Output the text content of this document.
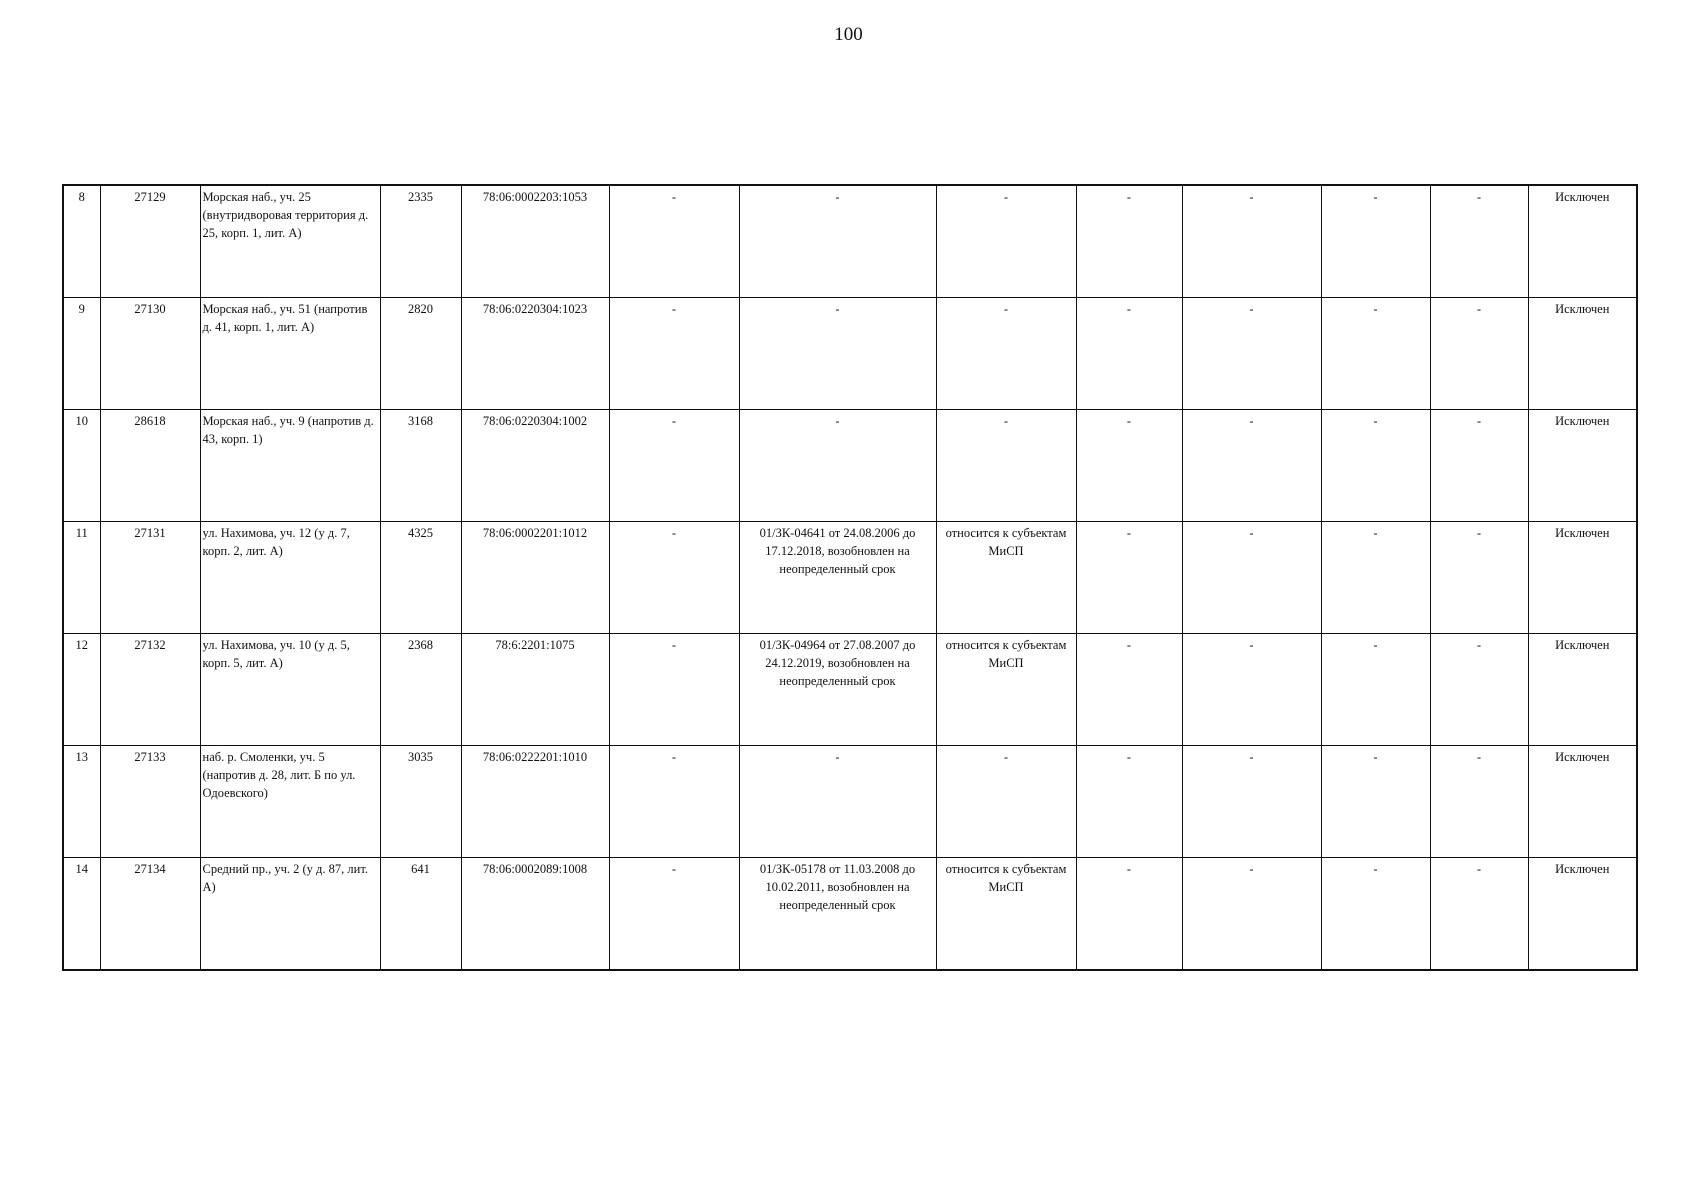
100
8	27129	Морская наб., уч. 25 (внутридворовая территория д. 25, корп. 1, лит. А)	2335	78:06:0002203:1053	-	-	-	-	-	-	-	Исключен
9	27130	Морская наб., уч. 51 (напротив д. 41, корп. 1, лит. А)	2820	78:06:0220304:1023	-	-	-	-	-	-	-	Исключен
10	28618	Морская наб., уч. 9 (напротив д. 43, корп. 1)	3168	78:06:0220304:1002	-	-	-	-	-	-	-	Исключен
11	27131	ул. Нахимова, уч. 12 (у д. 7, корп. 2, лит. А)	4325	78:06:0002201:1012	-	01/ЗК-04641 от 24.08.2006 до 17.12.2018, возобновлен на неопределенный срок	относится к субъектам МиСП	-	-	-	-	Исключен
12	27132	ул. Нахимова, уч. 10 (у д. 5, корп. 5, лит. А)	2368	78:6:2201:1075	-	01/ЗК-04964 от 27.08.2007 до 24.12.2019, возобновлен на неопределенный срок	относится к субъектам МиСП	-	-	-	-	Исключен
13	27133	наб. р. Смоленки, уч. 5 (напротив д. 28, лит. Б по ул. Одоевского)	3035	78:06:0222201:1010	-	-	-	-	-	-	-	Исключен
14	27134	Средний пр., уч. 2 (у д. 87, лит. А)	641	78:06:0002089:1008	-	01/ЗК-05178 от 11.03.2008 до 10.02.2011, возобновлен на неопределенный срок	относится к субъектам МиСП	-	-	-	-	Исключен
